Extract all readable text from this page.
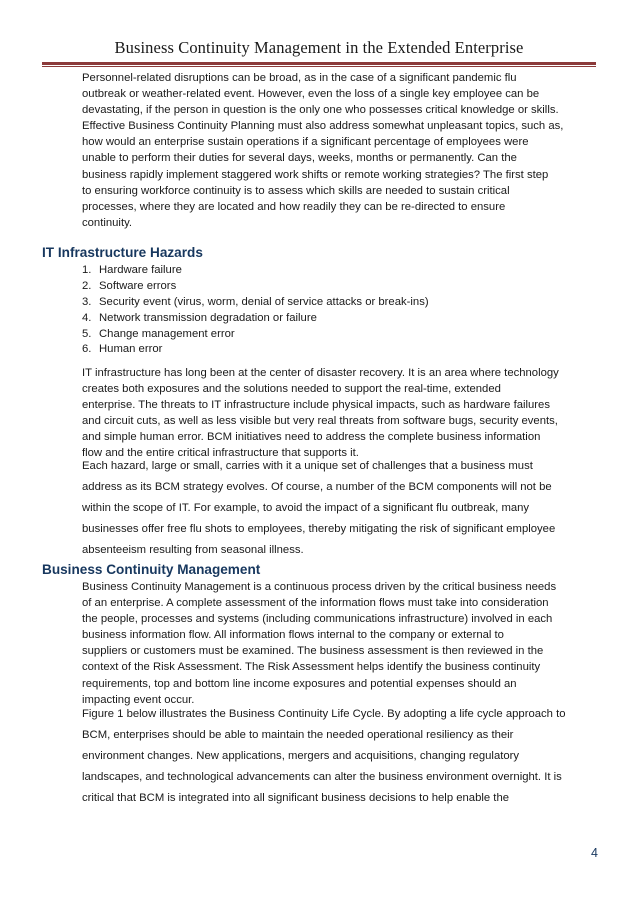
Business Continuity Management in the Extended Enterprise

Personnel-related disruptions can be broad, as in the case of a significant pandemic flu

outbreak or weather-related event. However, even the loss of a single key employee can be

devastating, if the person in question is the only one who possesses critical knowledge or skills.

Effective Business Continuity Planning must also address somewhat unpleasant topics, such as,

how would an enterprise sustain operations if a significant percentage of employees were

unable to perform their duties for several days, weeks, months or permanently. Can the

business rapidly implement staggered work shifts or remote working strategies? The first step

to ensuring workforce continuity is to assess which skills are needed to sustain critical

processes, where they are located and how readily they can be re-directed to ensure

continuity.

IT Infrastructure Hazards
1. Hardware failure
2. Software errors
3. Security event (virus, worm, denial of service attacks or break-ins)
4. Network transmission degradation or failure
5. Change management error
6. Human error

IT infrastructure has long been at the center of disaster recovery. It is an area where technology

creates both exposures and the solutions needed to support the real-time, extended

enterprise. The threats to IT infrastructure include physical impacts, such as hardware failures

and circuit cuts, as well as less visible but very real threats from software bugs, security events,

and simple human error. BCM initiatives need to address the complete business information

flow and the entire critical infrastructure that supports it.

Each hazard, large or small, carries with it a unique set of challenges that a business must

address as its BCM strategy evolves. Of course, a number of the BCM components will not be

within the scope of IT. For example, to avoid the impact of a significant flu outbreak, many

businesses offer free flu shots to employees, thereby mitigating the risk of significant employee

absenteeism resulting from seasonal illness.

Business Continuity Management

Business Continuity Management is a continuous process driven by the critical business needs

of an enterprise. A complete assessment of the information flows must take into consideration

the people, processes and systems (including communications infrastructure) involved in each

business information flow. All information flows internal to the company or external to

suppliers or customers must be examined. The business assessment is then reviewed in the

context of the Risk Assessment. The Risk Assessment helps identify the business continuity

requirements, top and bottom line income exposures and potential expenses should an

impacting event occur.

Figure 1 below illustrates the Business Continuity Life Cycle. By adopting a life cycle approach to

BCM, enterprises should be able to maintain the needed operational resiliency as their

environment changes. New applications, mergers and acquisitions, changing regulatory

landscapes, and technological advancements can alter the business environment overnight. It is

critical that BCM is integrated into all significant business decisions to help enable the

4
